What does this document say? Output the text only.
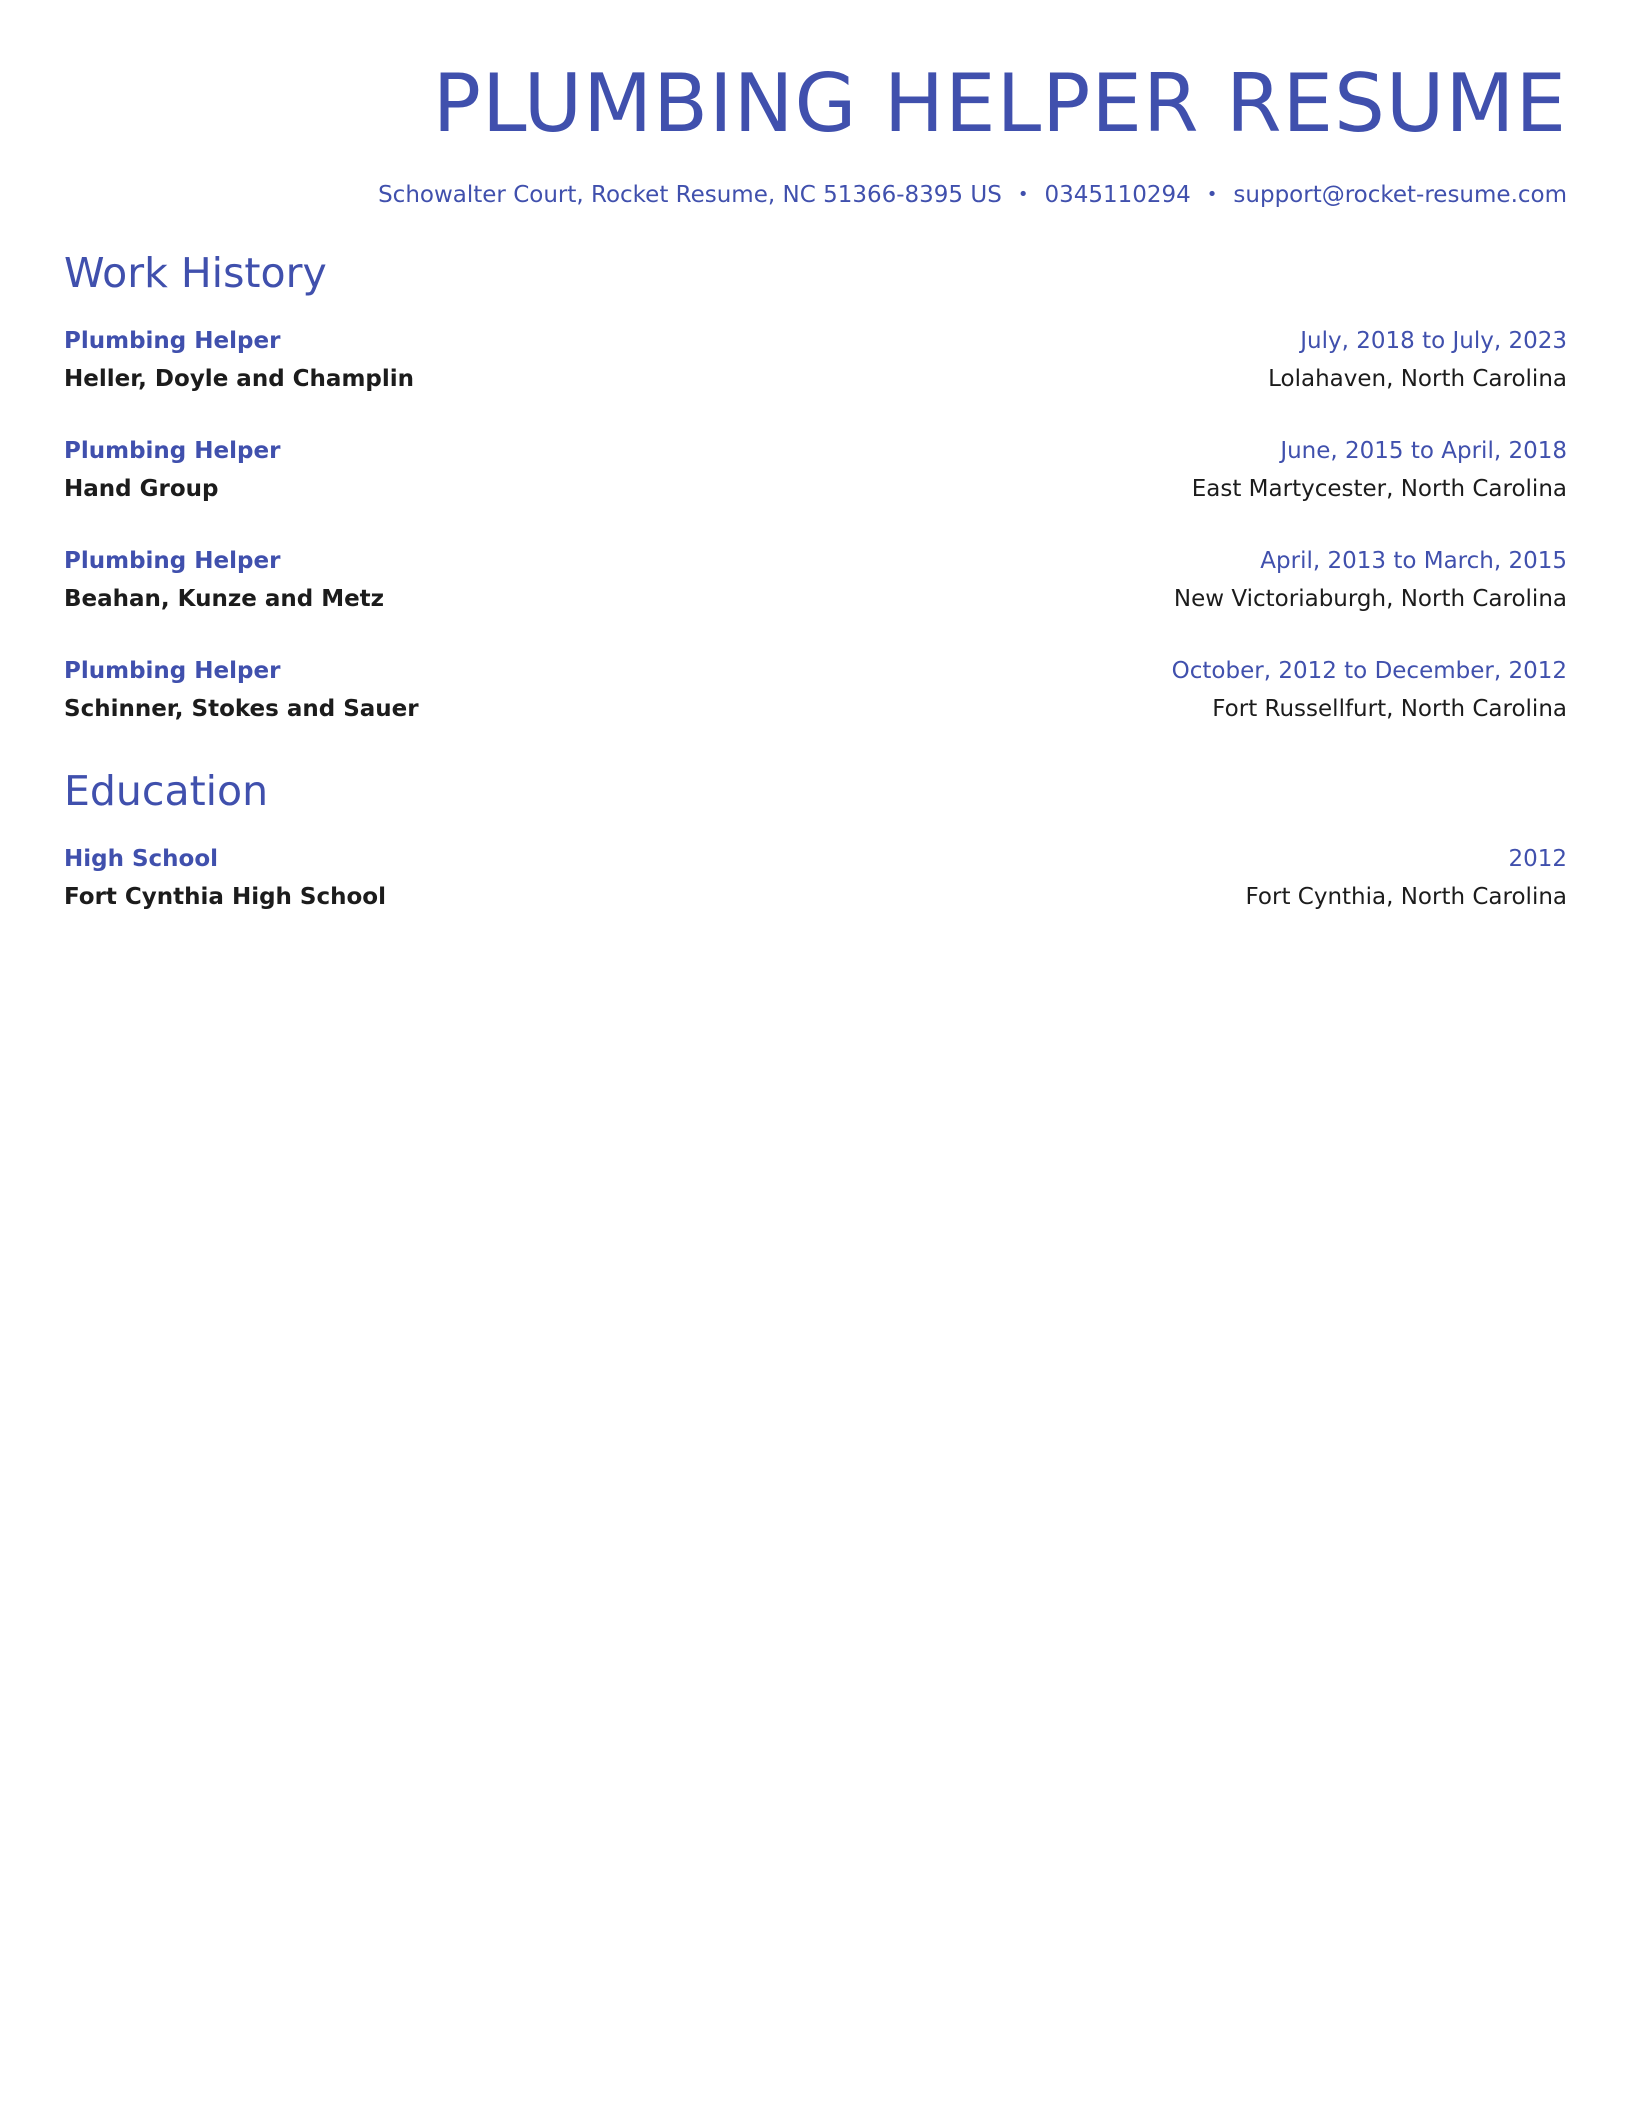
PLUMBING HELPER RESUME
Schowalter Court, Rocket Resume, NC 51366-8395 US • 0345110294 • support@rocket-resume.com
Work History
Plumbing Helper	July, 2018 to July, 2023
Heller, Doyle and Champlin	Lolahaven, North Carolina
Plumbing Helper	June, 2015 to April, 2018
Hand Group	East Martycester, North Carolina
Plumbing Helper	April, 2013 to March, 2015
Beahan, Kunze and Metz	New Victoriaburgh, North Carolina
Plumbing Helper	October, 2012 to December, 2012
Schinner, Stokes and Sauer	Fort Russellfurt, North Carolina
Education
High School	2012
Fort Cynthia High School	Fort Cynthia, North Carolina
